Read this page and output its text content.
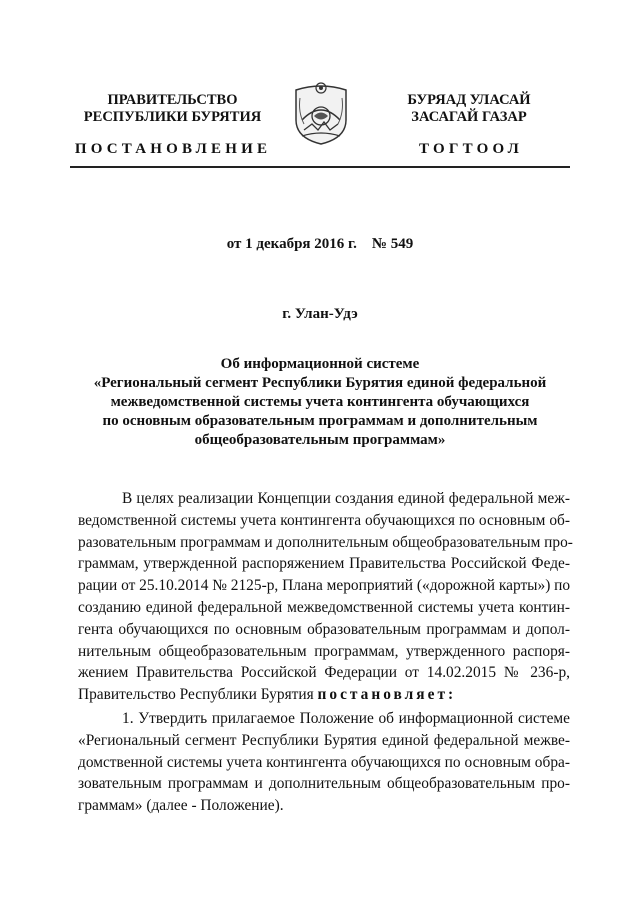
ПРАВИТЕЛЬСТВО
РЕСПУБЛИКИ БУРЯТИЯ
БУРЯАД УЛАСАЙ
ЗАСАГАЙ ГАЗАР
ПОСТАНОВЛЕНИЕ	ТОГТООЛ
от 1 декабря 2016 г.    № 549
г. Улан-Удэ

Об информационной системе

«Региональный сегмент Республики Бурятия единой федеральной

межведомственной системы учета контингента обучающихся

по основным образовательным программам и дополнительным

общеобразовательным программам»

В целях реализации Концепции создания единой федеральной меж-

ведомственной системы учета контингента обучающихся по основным об-

разовательным программам и дополнительным общеобразовательным про-

граммам, утвержденной распоряжением Правительства Российской Феде-

рации от 25.10.2014 № 2125-р, Плана мероприятий («дорожной карты») по

созданию единой федеральной межведомственной системы учета контин-

гента обучающихся по основным образовательным программам и допол-

нительным общеобразовательным программам, утвержденного распоря-

жением Правительства Российской Федерации от 14.02.2015 № 236-р,

Правительство Республики Бурятия постановляет:

1. Утвердить прилагаемое Положение об информационной системе

«Региональный сегмент Республики Бурятия единой федеральной межве-

домственной системы учета контингента обучающихся по основным обра-

зовательным программам и дополнительным общеобразовательным про-

граммам» (далее - Положение).
